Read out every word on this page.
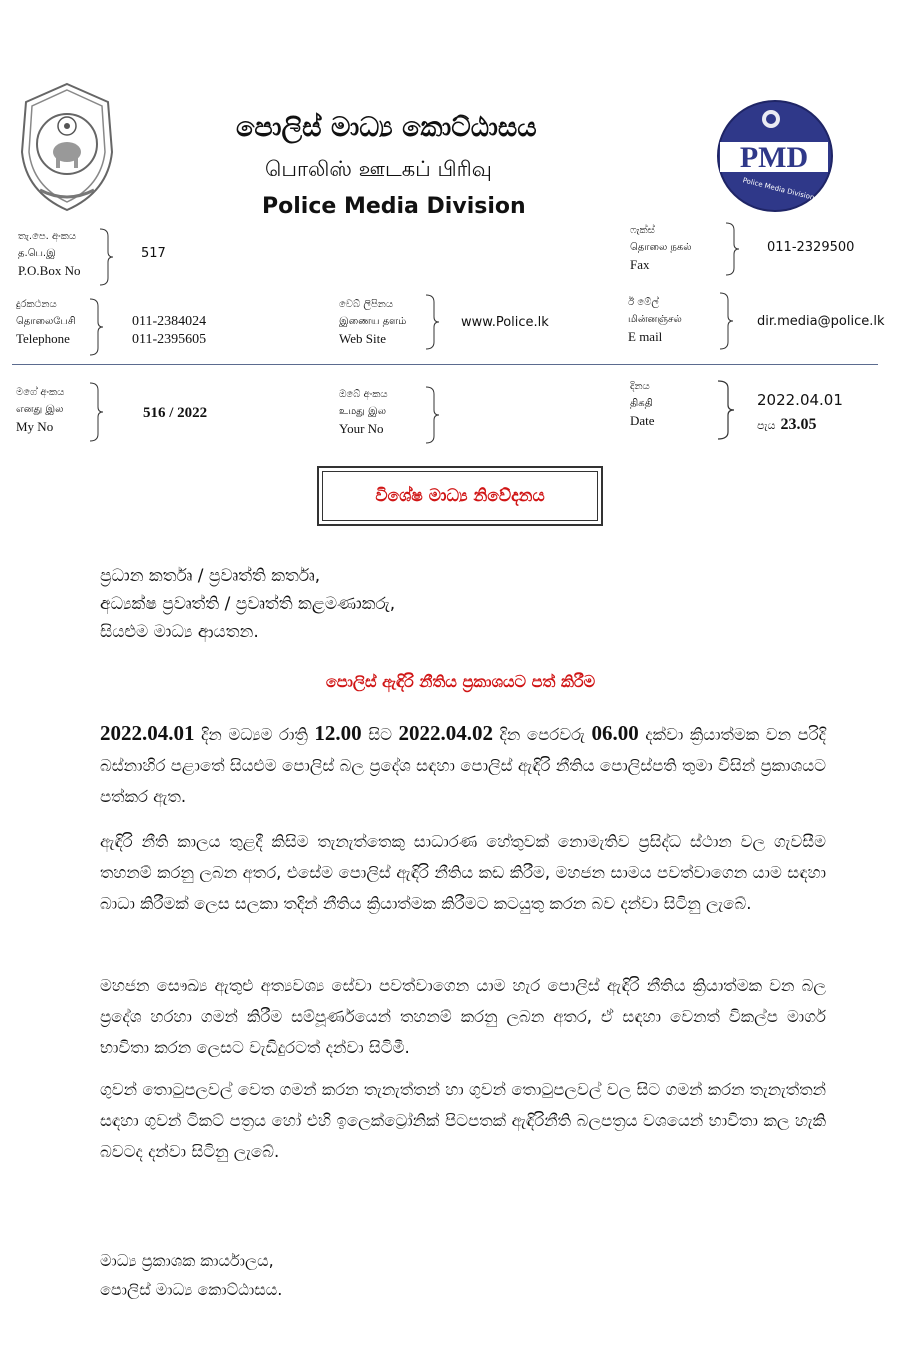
පොලිස් මාධ්‍ය කොට්ඨාසය
பொலிஸ் ஊடகப் பிரிவு
Police Media Division
PMD
Police Media Division
තැ.පෙ. අංකය
த.பெ.இ
P.O.Box No
517
ෆැක්ස්
தொலை நகல்
Fax
011-2329500
දුරකථනය
தொலைபேசி
Telephone
011-2384024
011-2395605
වෙබ් ලිපිනය
இணைய தளம்
Web Site
www.Police.lk
ඊ මේල්
மின்னஞ்சல்
E mail
dir.media@police.lk
මගේ අංකය
எனது இல
My No
516 / 2022
ඔබේ අංකය
உமது இல
Your No
දිනය
திகதி
Date
2022.04.01
පැය 23.05
විශේෂ මාධ්‍ය නිවේදනය
ප්‍රධාන කර්තෘ / ප්‍රවෘත්ති කර්තෘ,
අධ්‍යක්ෂ ප්‍රවෘත්ති / ප්‍රවෘත්ති කළමණාකරු,
සියළුම මාධ්‍ය ආයතන.
පොලිස් ඇඳිරි නීතිය ප්‍රකාශයට පත් කිරීම
2022.04.01 දින මධ්‍යම රාත්‍රි 12.00 සිට 2022.04.02 දින පෙරවරු 06.00 දක්වා ක්‍රියාත්මක වන පරිදි බස්නාහිර පළාතේ සියළුම පොලිස් බල ප්‍රදේශ සඳහා පොලිස් ඇඳිරි නීතිය පොලිස්පති තුමා විසින් ප්‍රකාශයට පත්කර ඇත.
ඇඳිරි නීති කාලය තුළදී කිසිම තැනැත්තෙකු සාධාරණ හේතුවක් නොමැතිව ප්‍රසිද්ධ ස්ථාන වල ගැවසීම තහනම් කරනු ලබන අතර, එසේම පොලිස් ඇඳිරි නීතිය කඩ කිරීම, මහජන සාමය පවත්වාගෙන යාම සඳහා බාධා කිරීමක් ලෙස සලකා තදින් නීතිය ක්‍රියාත්මක කිරීමට කටයුතු කරන බව දන්වා සිටිනු ලැබේ.
මහජන සෞඛ්‍ය ඇතුළු අත්‍යවශ්‍ය සේවා පවත්වාගෙන යාම හැර පොලිස් ඇඳිරි නීතිය ක්‍රියාත්මක වන බල ප්‍රදේශ හරහා ගමන් කිරීම සම්පූර්ණයෙන් තහනම් කරනු ලබන අතර, ඒ සඳහා වෙනත් විකල්ප මාර්ග භාවිතා කරන ලෙසට වැඩිදුරටත් දන්වා සිටිමී.
ගුවන් තොටුපලවල් වෙත ගමන් කරන තැනැත්තන් හා ගුවන් තොටුපලවල් වල සිට ගමන් කරන තැනැත්තන් සඳහා ගුවන් ටිකට් පත්‍රය හෝ එහි ඉලෙක්ට්‍රෝනික් පිටපතක් ඇඳිරිනීති බලපත්‍රය වශයෙන් භාවිතා කල හැකි බවටද දන්වා සිටිනු ලැබේ.
මාධ්‍ය ප්‍රකාශක කාර්යාලය,
පොලිස් මාධ්‍ය කොට්ඨාසය.
